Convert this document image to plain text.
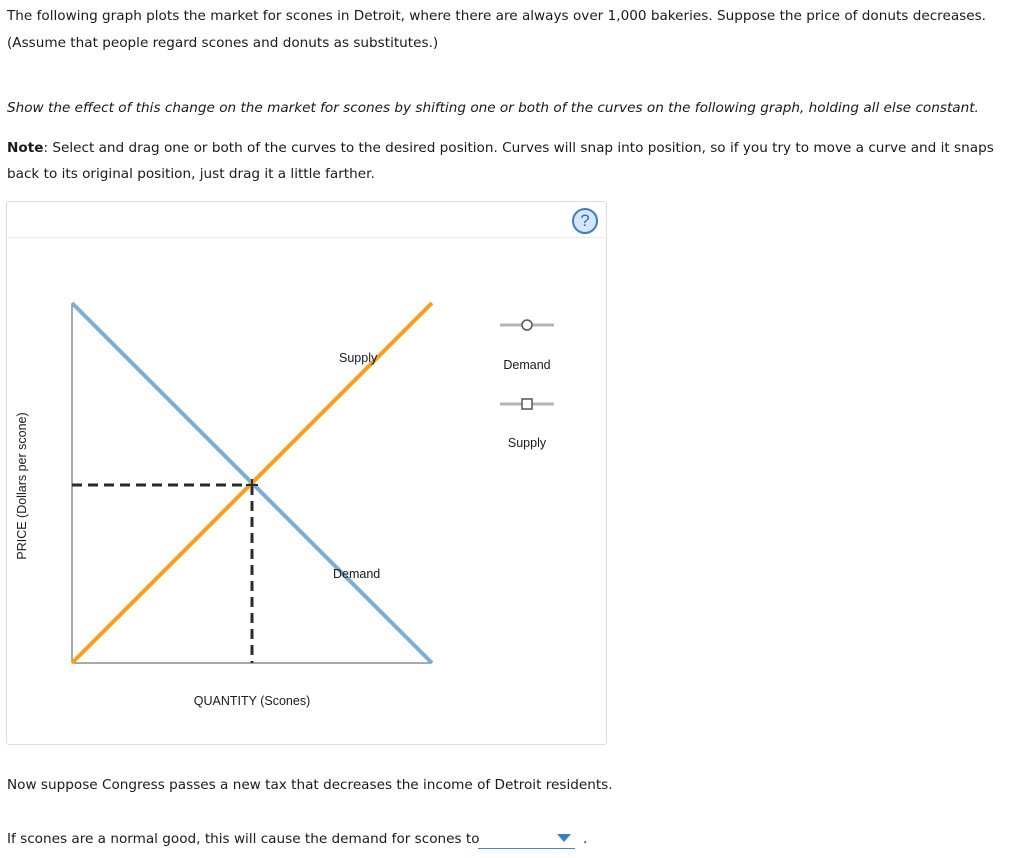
The following graph plots the market for scones in Detroit, where there are always over 1,000 bakeries. Suppose the price of donuts decreases.

(Assume that people regard scones and donuts as substitutes.)

Show the effect of this change on the market for scones by shifting one or both of the curves on the following graph, holding all else constant.

Note: Select and drag one or both of the curves to the desired position. Curves will snap into position, so if you try to move a curve and it snaps back to its original position, just drag it a little farther.

?
Supply
Demand
PRICE (Dollars per scone)
QUANTITY (Scones)
Demand
Supply

Now suppose Congress passes a new tax that decreases the income of Detroit residents.

If scones are a normal good, this will cause the demand for scones to	.
